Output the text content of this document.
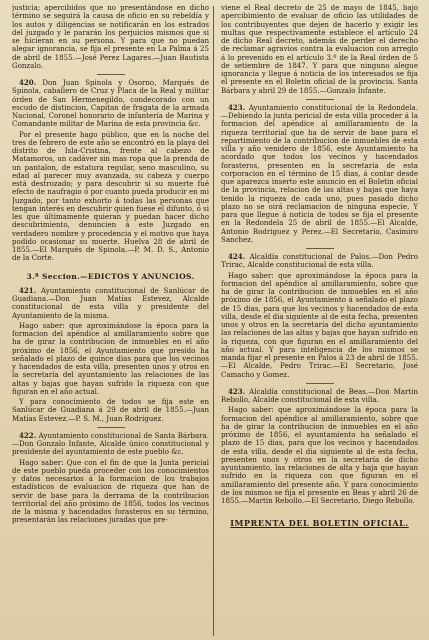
justicia; apercibidos que no presentándose en dicho término se seguirá la causa de oficio en su rebeldía y los autos y diligencias se notificarán en los estrados del juzgado y le pararán los perjuicios mismos que si se hicieran en su persona. Y para que no puedan alegar ignorancia, se fija el presente en La Palma á 25 de abril de 1855.—José Perez Lagares.—Juan Bautista Gonzalo.

420. Don Juan Spinola y Osorno, Marqués de Spinola, caballero de Cruz y Placa de la Real y militar órden de San Hermenegildo, condecorado con un escudo de distincion, Capitan de fragata de la armada Nacional, Coronel honorario de infantería de Marina y Comandante militar de Marina de esta provincia &c.

Por el presente hago público, que en la noche del tres de febrero de este año se encontró en la playa del distrito de Isla-Cristina, frente al cabezo de Matamoros, un cadáver sin mas ropa que la prenda de un pantalon, de estatura regular, seno masculino, su edad al parecer muy avanzada, su cabeza y cuerpo está destrozado; y para descubrir si su muerte fué efecto de naufragio ó por cuanto pueda producir en mi Juzgado, por tanto exhorto á todas las personas que tengan interés en descubrir quien fuese el difunto, ó si les que últimamente quieran y puedan hacer dicho descubrimiento, denuncien á este Juzgado en verdadero nombre y procedencia y el motivo que haya podido ocasionar su muerte. Huelva 28 de abril de 1855.—El Marqués de Spinola.—P. M. D. S., Antonio de la Corte.

3.ª Seccion.—EDICTOS Y ANUNCIOS.

421. Ayuntamiento constitucional de Sanlúcar de Guadiana.—Don Juan Matías Estevez, Alcalde constitucional de esta villa y presidente del Ayuntamiento de la misma.

Hago saber: que aproximándose la época para la formacion del apéndice al amillaramiento sobre que ha de girar la contribucion de inmuebles en el año próximo de 1856, el Ayuntamiento que presido ha señalado el plazo de quince dias para que los vecinos y hacendados de esta villa, presenten unos y otros en la secretaría del ayuntamiento las relaciones de las altas y bajas que hayan sufrido la riqueza con que figuran en el año actual.

Y para conocimiento de todos se fija este en Sanlúcar de Guadiana á 29 de abril de 1855.—Juan Matías Estevez.—P. S. M., Juan Rodriguez.

422. Ayuntamiento constitucional de Santa Bárbara.—Don Gonzalo Infante, Alcalde único constitucional y presidente del ayuntamiento de este pueblo &c.

Hago saber: Que con el fin de que la Junta pericial de este pueblo pueda proceder con los conocimientos y datos necesarios á la formacion de los trabajos estadísticos de evaluacion de riqueza que han de servir de base para la derrama de la contribucion territorial del año próximo de 1856, todos los vecinos de la misma y hacendados forasteros en su término, presentarán las relaciones juradas que pre-

viene el Real decreto de 25 de mayo de 1845, bajo apercibimiento de evaluar de oficio las utilidades de los contribuyentes que dejen de hacerlo y exigir les multas que respectivamente establece el artículo 24 de dicho Real decreto, además de perder el derecho de reclamar agravios contra la evaluacion con arreglo á lo prevenido en el artículo 3.º de la Real órden de 5 de setiembre de 1847. Y para que ninguno alegue ignorancia y llegue á noticia de los interesados se fija el presente en el Boletin oficial de la provincia. Santa Bárbara y abril 29 de 1855.—Gonzalo Infante.

423. Ayuntamiento constitucional de la Redondela.—Debiendo la junta pericial de esta villa proceder á la formacion del apéndice al amillaramiento de la riqueza territorial que ha de servir de base para el repartimiento de la contribucion de inmuebles de esta villa y año venidero de 1856, este Ayuntamiento ha acordado que todos los vecinos y hacendados forasteros, presenten en la secretaría de esta corporacion en el término de 15 dias, á contar desde que aparezca inserto este anuncio en el Boletin oficial de la provincia, relacion de las altas y bajas que haya tenido la riqueza de cada uno, pues pasado dicho plazo no se oirá reclamacion de ninguna especie. Y para que llegue á noticia de todos se fija el presente en la Redondela 25 de abril de 1855.—El Alcalde, Antonio Rodriguez y Perez.—El Secretario, Casimiro Sanchez.

424. Alcaldía constitucional de Palos.—Don Pedro Trirac, Alcalde constitucional de esta villa.

Hago saber: que aproximándose la época para la formacion del apéndice al amillaramiento, sobre que ha de girar la contribucion de inmuebles en el año próximo de 1856, el Ayuntamiento á señalado el plazo de 15 dias, para que los vecinos y hacendados de esta villa, desde el dia siguiente al de esta fecha, presenten unos y otros en la secretaría del dicho ayuntamiento las relaciones de las altas y bajas que hayan sufrido en la riqueza, con que figuran en el amillaramiento del año actual. Y para inteligencia de los mismos se manda fijar el presente en Palos á 23 de abril de 1855.—El Alcalde, Pedro Trirac.—El Secretario, José Camacho y Gomez.

423. Alcaldía constitucional de Beas.—Don Martin Rebollo, Alcalde constitucional de esta villa.

Hago saber: que aproximándose la época para la formacion del apéndice al amillaramiento, sobre que ha de girar la contribucion de inmuebles en el año próximo de 1856, el ayuntamiento ha señalado el plazo de 15 dias, para que los vecinos y hacendados de esta villa, desde el dia siguiente al de esta fecha, presenten unos y otros en la secretaría de dicho ayuntamiento, las relaciones de alta y baja que hayan sufrido en la riqueza con que figuran en el amillaramiento del presente año. Y para conocimiento de los mismos se fija el presente en Beas y abril 26 de 1855.—Martin Rebollo.—El Secretario, Diego Rebollo.

IMPRENTA DEL BOLETIN OFICIAL.
